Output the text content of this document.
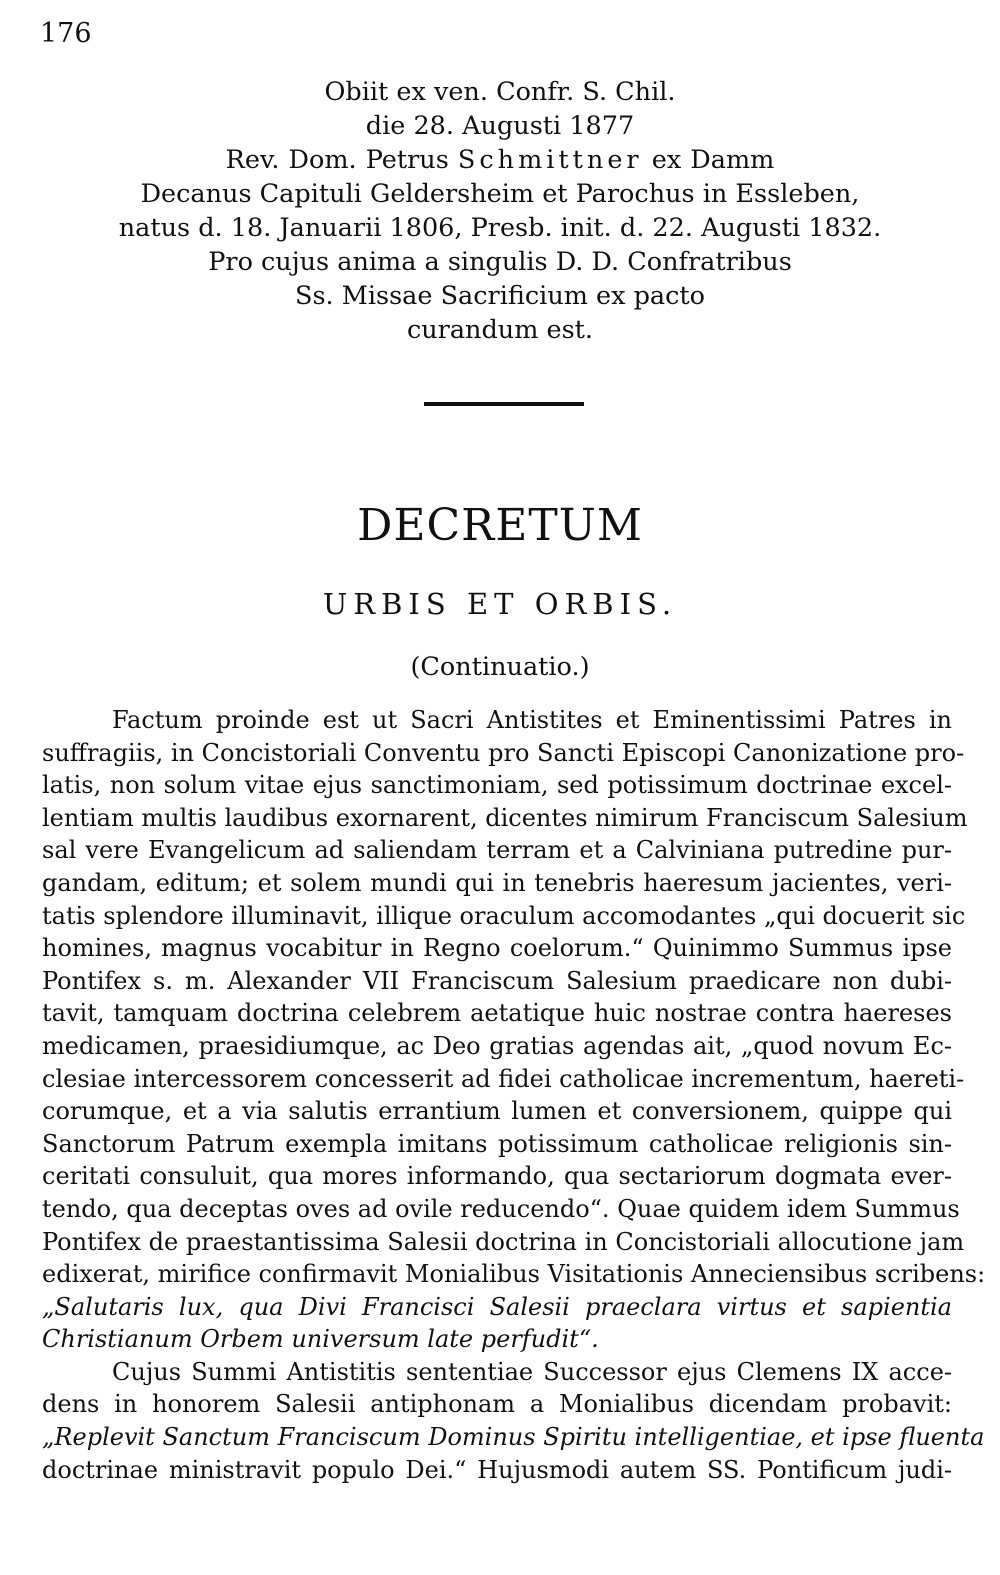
176
Obiit ex ven. Confr. S. Chil.
die 28. Augusti 1877
Rev. Dom. Petrus Schmittner ex Damm
Decanus Capituli Geldersheim et Parochus in Essleben,
natus d. 18. Januarii 1806, Presb. init. d. 22. Augusti 1832.
Pro cujus anima a singulis D. D. Confratribus
Ss. Missae Sacrificium ex pacto
curandum est.
DECRETUM
URBIS ET ORBIS.
(Continuatio.)
Factum proinde est ut Sacri Antistites et Eminentissimi Patres in
suffragiis, in Concistoriali Conventu pro Sancti Episcopi Canonizatione pro-
latis, non solum vitae ejus sanctimoniam, sed potissimum doctrinae excel-
lentiam multis laudibus exornarent, dicentes nimirum Franciscum Salesium
sal vere Evangelicum ad saliendam terram et a Calviniana putredine pur-
gandam, editum; et solem mundi qui in tenebris haeresum jacientes, veri-
tatis splendore illuminavit, illique oraculum accomodantes „qui docuerit sic
homines, magnus vocabitur in Regno coelorum.“ Quinimmo Summus ipse
Pontifex s. m. Alexander VII Franciscum Salesium praedicare non dubi-
tavit, tamquam doctrina celebrem aetatique huic nostrae contra haereses
medicamen, praesidiumque, ac Deo gratias agendas ait, „quod novum Ec-
clesiae intercessorem concesserit ad fidei catholicae incrementum, haereti-
corumque, et a via salutis errantium lumen et conversionem, quippe qui
Sanctorum Patrum exempla imitans potissimum catholicae religionis sin-
ceritati consuluit, qua mores informando, qua sectariorum dogmata ever-
tendo, qua deceptas oves ad ovile reducendo“. Quae quidem idem Summus
Pontifex de praestantissima Salesii doctrina in Concistoriali allocutione jam
edixerat, mirifice confirmavit Monialibus Visitationis Anneciensibus scribens:
„Salutaris lux, qua Divi Francisci Salesii praeclara virtus et sapientia
Christianum Orbem universum late perfudit“.
Cujus Summi Antistitis sententiae Successor ejus Clemens IX acce-
dens in honorem Salesii antiphonam a Monialibus dicendam probavit:
„Replevit Sanctum Franciscum Dominus Spiritu intelligentiae, et ipse fluenta
doctrinae ministravit populo Dei.“ Hujusmodi autem SS. Pontificum judi-
